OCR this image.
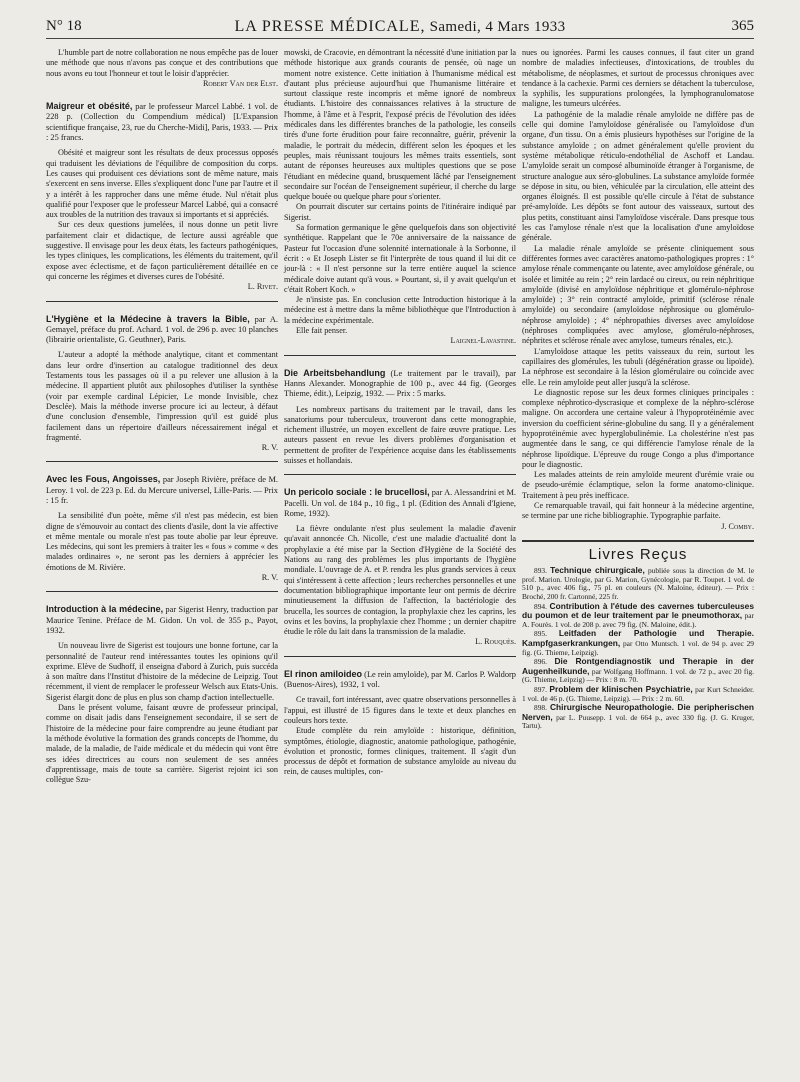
N° 18	LA PRESSE MÉDICALE, Samedi, 4 Mars 1933	365

L'humble part de notre collaboration ne nous empêche pas de louer une méthode que nous n'avons pas conçue et des contributions que nous avons eu tout l'honneur et tout le loisir d'apprécier.

Robert Van der Elst.

Maigreur et obésité, par le professeur Marcel Labbé. 1 vol. de 228 p. (Collection du Compendium médical) [L'Expansion scientifique française, 23, rue du Cherche-Midi], Paris, 1933. — Prix : 25 francs.

Obésité et maigreur sont les résultats de deux processus opposés qui traduisent les déviations de l'équilibre de composition du corps. Les causes qui produisent ces déviations sont de même nature, mais s'exercent en sens inverse. Elles s'expliquent donc l'une par l'autre et il y a intérêt à les rapprocher dans une même étude. Nul n'était plus qualifié pour l'exposer que le professeur Marcel Labbé, qui a consacré aux troubles de la nutrition des travaux si importants et si appréciés.

Sur ces deux questions jumelées, il nous donne un petit livre parfaitement clair et didactique, de lecture aussi agréable que suggestive. Il envisage pour les deux états, les facteurs pathogéniques, les types cliniques, les complications, les éléments du traitement, qu'il expose avec éclectisme, et de façon particulièrement détaillée en ce qui concerne les régimes et diverses cures de l'obésité.

L. Rivet.

L'Hygiène et la Médecine à travers la Bible, par A. Gemayel, préface du prof. Achard. 1 vol. de 296 p. avec 10 planches (librairie orientaliste, G. Geuthner), Paris.

L'auteur a adopté la méthode analytique, citant et commentant dans leur ordre d'insertion au catalogue traditionnel des deux Testaments tous les passages où il a pu relever une allusion à la médecine. Il appartient plutôt aux philosophes d'utiliser la synthèse (voir par exemple cardinal Lépicier, Le monde Invisible, chez Desclée). Mais la méthode inverse procure ici au lecteur, à défaut d'une conclusion d'ensemble, l'impression qu'il est guidé plus facilement dans un répertoire d'ailleurs nécessairement inégal et fragmenté.

R. V.

Avec les Fous, Angoisses, par Joseph Rivière, préface de M. Leroy. 1 vol. de 223 p. Ed. du Mercure universel, Lille-Paris. — Prix : 15 fr.

La sensibilité d'un poète, même s'il n'est pas médecin, est bien digne de s'émouvoir au contact des clients d'asile, dont la vie affective et même mentale ou morale n'est pas toute abolie par leur épreuve. Les médecins, qui sont les premiers à traiter les « fous » comme « des malades ordinaires », ne seront pas les derniers à apprécier les émotions de M. Rivière.

R. V.

Introduction à la médecine, par Sigerist Henry, traduction par Maurice Tenine. Préface de M. Gidon. Un vol. de 355 p., Payot, 1932.

Un nouveau livre de Sigerist est toujours une bonne fortune, car la personnalité de l'auteur rend intéressantes toutes les opinions qu'il exprime. Elève de Sudhoff, il enseigna d'abord à Zurich, puis succéda à son maître dans l'Institut d'histoire de la médecine de Leipzig. Tout récemment, il vient de remplacer le professeur Welsch aux Etats-Unis. Sigerist élargit donc de plus en plus son champ d'action intellectuelle.

Dans le présent volume, faisant œuvre de professeur principal, comme on disait jadis dans l'enseignement secondaire, il se sert de l'histoire de la médecine pour faire comprendre au jeune étudiant par la méthode évolutive la formation des grands concepts de l'homme, du malade, de la maladie, de l'aide médicale et du médecin qui vont être ses idées directrices au cours non seulement de ses années d'apprentissage, mais de toute sa carrière. Sigerist rejoint ici son collègue Szu-

mowski, de Cracovie, en démontrant la nécessité d'une initiation par la méthode historique aux grands courants de pensée, où nage un moment notre existence. Cette initiation à l'humanisme médical est d'autant plus précieuse aujourd'hui que l'humanisme littéraire et surtout classique reste incompris et même ignoré de nombreux étudiants. L'histoire des connaissances relatives à la structure de l'homme, à l'âme et à l'esprit, l'exposé précis de l'évolution des idées médicales dans les différentes branches de la pathologie, les conseils tirés d'une forte érudition pour faire reconnaître, guérir, prévenir la maladie, le portrait du médecin, différent selon les époques et les peuples, mais réunissant toujours les mêmes traits essentiels, sont autant de réponses heureuses aux multiples questions que se pose l'étudiant en médecine quand, brusquement lâché par l'enseignement secondaire sur l'océan de l'enseignement supérieur, il cherche du large quelque bouée ou quelque phare pour s'orienter.

On pourrait discuter sur certains points de l'itinéraire indiqué par Sigerist.

Sa formation germanique le gêne quelquefois dans son objectivité synthétique. Rappelant que le 70e anniversaire de la naissance de Pasteur fut l'occasion d'une solennité internationale à la Sorbonne, il écrit : « Et Joseph Lister se fit l'interprète de tous quand il lui dit ce jour-là : « Il n'est personne sur la terre entière auquel la science médicale doive autant qu'à vous. » Pourtant, si, il y avait quelqu'un et c'était Robert Koch. »

Je n'insiste pas. En conclusion cette Introduction historique à la médecine est à mettre dans la même bibliothèque que l'Introduction à la médecine expérimentale.

Elle fait penser.

Laignel-Lavastine.

Die Arbeitsbehandlung (Le traitement par le travail), par Hanns Alexander. Monographie de 100 p., avec 44 fig. (Georges Thieme, édit.), Leipzig, 1932. — Prix : 5 marks.

Les nombreux partisans du traitement par le travail, dans les sanatoriums pour tuberculeux, trouveront dans cette monographie, richement illustrée, un moyen excellent de faire œuvre pratique. Les auteurs passent en revue les divers problèmes d'organisation et permettent de profiter de l'expérience acquise dans les établissements suisses et hollandais.

Un pericolo sociale : le brucellosi, par A. Alessandrini et M. Pacelli. Un vol. de 184 p., 10 fig., 1 pl. (Edition des Annali d'Igiene, Rome, 1932).

La fièvre ondulante n'est plus seulement la maladie d'avenir qu'avait annoncée Ch. Nicolle, c'est une maladie d'actualité dont la prophylaxie a été mise par la Section d'Hygiène de la Société des Nations au rang des problèmes les plus importants de l'hygiène mondiale. L'ouvrage de A. et P. rendra les plus grands services à ceux qui s'intéressent à cette affection ; leurs recherches personnelles et une documentation bibliographique importante leur ont permis de décrire minutieusement la diffusion de l'affection, la bactériologie des brucella, les sources de contagion, la prophylaxie chez les caprins, les ovins et les bovins, la prophylaxie chez l'homme ; un dernier chapitre étudie le rôle du lait dans la transmission de la maladie.

L. Rouquès.

El rinon amiloideo (Le rein amyloïde), par M. Carlos P. Waldorp (Buenos-Aires), 1932, 1 vol.

Ce travail, fort intéressant, avec quatre observations personnelles à l'appui, est illustré de 15 figures dans le texte et deux planches en couleurs hors texte.

Etude complète du rein amyloïde : historique, définition, symptômes, étiologie, diagnostic, anatomie pathologique, pathogénie, évolution et pronostic, formes cliniques, traitement. Il s'agit d'un processus de dépôt et formation de substance amyloïde au niveau du rein, de causes multiples, con-

nues ou ignorées. Parmi les causes connues, il faut citer un grand nombre de maladies infectieuses, d'intoxications, de troubles du métabolisme, de néoplasmes, et surtout de processus chroniques avec tendance à la cachexie. Parmi ces derniers se détachent la tuberculose, la syphilis, les suppurations prolongées, la lymphogranulomatose maligne, les tumeurs ulcérées.

La pathogénie de la maladie rénale amyloïde ne diffère pas de celle qui domine l'amyloïdose généralisée ou l'amyloïdose d'un organe, d'un tissu. On a émis plusieurs hypothèses sur l'origine de la substance amyloïde ; on admet généralement qu'elle provient du système métabolique réticulo-endothélial de Aschoff et Landau. L'amyloïde serait un composé albuminoïde étranger à l'organisme, de structure analogue aux séro-globulines. La substance amyloïde formée se dépose in situ, ou bien, véhiculée par la circulation, elle atteint des organes éloignés. Il est possible qu'elle circule à l'état de substance pré-amyloïde. Les dépôts se font autour des vaisseaux, surtout des plus petits, constituant ainsi l'amyloïdose viscérale. Dans presque tous les cas l'amylose rénale n'est que la localisation d'une amyloïdose générale.

La maladie rénale amyloïde se présente cliniquement sous différentes formes avec caractères anatomo-pathologiques propres : 1° amylose rénale commençante ou latente, avec amyloïdose générale, ou isolée et limitée au rein ; 2° rein lardacé ou cireux, ou rein néphritique amyloïde (divisé en amyloïdose néphritique et glomérulo-néphrose amyloïde) ; 3° rein contracté amyloïde, primitif (sclérose rénale amyloïde) ou secondaire (amyloïdose néphrosique ou glomérulo-néphrose amyloïde) ; 4° néphropathies diverses avec amyloïdose (néphroses compliquées avec amylose, glomérulo-néphroses, néphrites et sclérose rénale avec amylose, tumeurs rénales, etc.).

L'amyloïdose attaque les petits vaisseaux du rein, surtout les capillaires des glomérules, les tubuli (dégénération grasse ou lipoïde). La néphrose est secondaire à la lésion glomérulaire ou coïncide avec elle. Le rein amyloïde peut aller jusqu'à la sclérose.

Le diagnostic repose sur les deux formes cliniques principales : complexe néphrotico-dyscrasique et complexe de la néphro-sclérose maligne. On accordera une certaine valeur à l'hypoprotéinémie avec inversion du coefficient sérine-globuline du sang. Il y a généralement hypoprotéinémie avec hyperglobulinémie. La cholestérine n'est pas augmentée dans le sang, ce qui différencie l'amylose rénale de la néphrose lipoïdique. L'épreuve du rouge Congo a plus d'importance pour le diagnostic.

Les malades atteints de rein amyloïde meurent d'urémie vraie ou de pseudo-urémie éclamptique, selon la forme anatomo-clinique. Traitement à peu près inefficace.

Ce remarquable travail, qui fait honneur à la médecine argentine, se termine par une riche bibliographie. Typographie parfaite.

J. Comby.

Livres Reçus

893. Technique chirurgicale, publiée sous la direction de M. le prof. Marion. Urologie, par G. Marion, Gynécologie, par R. Toupet. 1 vol. de 510 p., avec 406 fig., 75 pl. en couleurs (N. Maloine, éditeur). — Prix : Broché, 200 fr. Cartonné, 225 fr.

894. Contribution à l'étude des cavernes tuberculeuses du poumon et de leur traitement par le pneumothorax, par A. Fourès. 1 vol. de 208 p. avec 79 fig. (N. Maloine, édit.).

895. Leitfaden der Pathologie und Therapie. Kampfgaserkrankungen, par Otto Muntsch. 1 vol. de 94 p. avec 29 fig. (G. Thieme, Leipzig).

896. Die Rontgendiagnostik und Therapie in der Augenheilkunde, par Wolfgang Hoffmann. 1 vol. de 72 p., avec 20 fig. (G. Thieme, Leipzig) — Prix : 8 m. 70.

897. Problem der klinischen Psychiatrie, par Kurt Schneider. 1 vol. de 46 p. (G. Thieme, Leipzig). — Prix : 2 m. 60.

898. Chirurgische Neuropathologie. Die peripherischen Nerven, par L. Puusepp. 1 vol. de 664 p., avec 330 fig. (J. G. Kruger, Tartu).
